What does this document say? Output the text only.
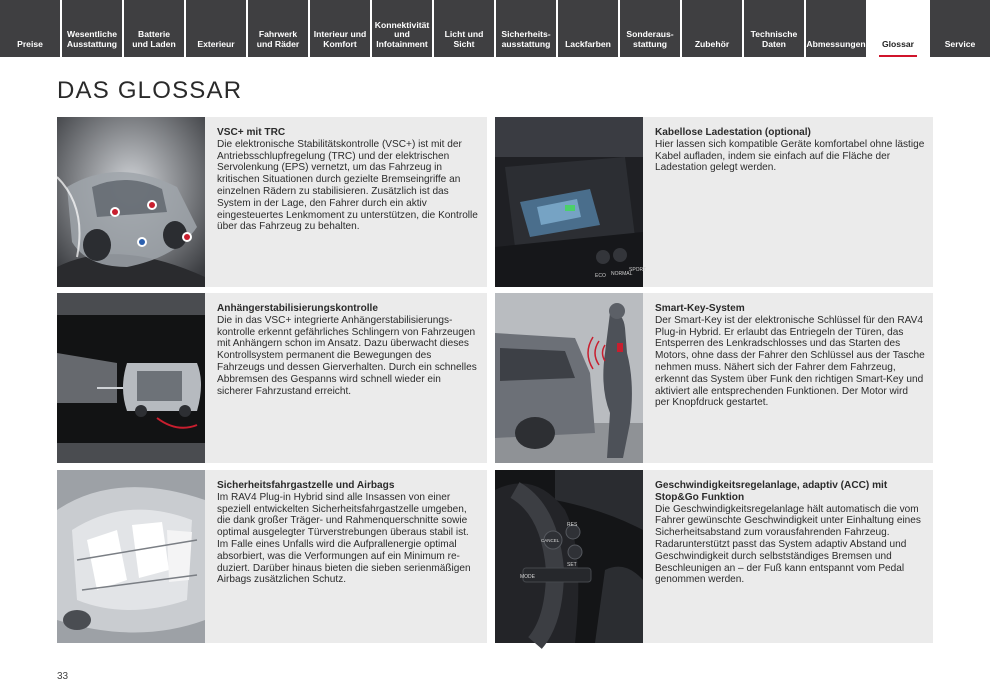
Preise
Wesentliche
Ausstattung
Batterie
und Laden	Exterieur
Fahrwerk
und Räder
Interieur und
Komfort
Konnektivität
und
Infotainment
Licht und Sicht
Sicherheits-
ausstattung Lackfarben
Sonderaus-
stattung	Zubehör
Technische
Daten	Abmessungen Glossar	Service
DAS GLOSSAR
VSC+ mit TRC
Die elektronische Stabilitätskontrolle (VSC+) ist mit der Antriebsschlupfregelung (TRC) und der elektrischen Servolenkung (EPS) vernetzt, um das Fahrzeug in kritischen Situationen durch gezielte Bremseingriffe an einzelnen Rädern zu stabilisieren. Zusätzlich ist das System in der Lage, den Fahrer durch ein aktiv eingesteuertes Lenkmoment zu unterstützen, die Kontrolle über das Fahrzeug zu behalten.
ECO NORMAL
SPORT
Kabellose Ladestation (optional)
Hier lassen sich kompatible Geräte komfortabel ohne lästige Kabel aufladen, indem sie einfach auf die Fläche der Ladestation gelegt werden.
Anhängerstabilisierungskontrolle
Die in das VSC+ integrierte Anhängerstabilisierungs-kontrolle erkennt gefährliches Schlingern von Fahrzeugen mit Anhängern schon im Ansatz. Dazu überwacht dieses Kontrollsystem permanent die Bewegungen des Fahrzeugs und dessen Gierverhalten. Durch ein schnelles Abbremsen des Gespanns wird schnell wieder ein sicherer Fahrzustand erreicht.
Smart-Key-System
Der Smart-Key ist der elektronische Schlüssel für den RAV4 Plug-in Hybrid. Er erlaubt das Entriegeln der Türen, das Entsperren des Lenkradschlosses und das Starten des Motors, ohne dass der Fahrer den Schlüssel aus der Tasche nehmen muss. Nähert sich der Fahrer dem Fahrzeug, erkennt das System über Funk den richtigen Smart-Key und aktiviert alle entsprechenden Funktionen. Der Motor wird per Knopfdruck gestartet.
Sicherheitsfahrgastzelle und Airbags
Im RAV4 Plug-in Hybrid sind alle Insassen von einer speziell entwickelten Sicherheitsfahrgastzelle umgeben, die dank großer Träger- und Rahmenquerschnitte sowie optimal ausgelegter Türverstrebungen überaus stabil ist. Im Falle eines Unfalls wird die Aufprallenergie optimal absorbiert, was die Verformungen auf ein Minimum re-duziert. Darüber hinaus bieten die sieben serienmäßigen Airbags zusätzlichen Schutz.
RES
CANCEL
SET
MODE
Geschwindigkeitsregelanlage, adaptiv (ACC) mit Stop&Go Funktion
Die Geschwindigkeitsregelanlage hält automatisch die vom Fahrer gewünschte Geschwindigkeit unter Einhaltung eines Sicherheitsabstand zum vorausfahrenden Fahrzeug. Radarunterstützt passt das System adaptiv Abstand und Geschwindigkeit durch selbstständiges Bremsen und Beschleunigen an – der Fuß kann entspannt vom Pedal genommen werden.
33
